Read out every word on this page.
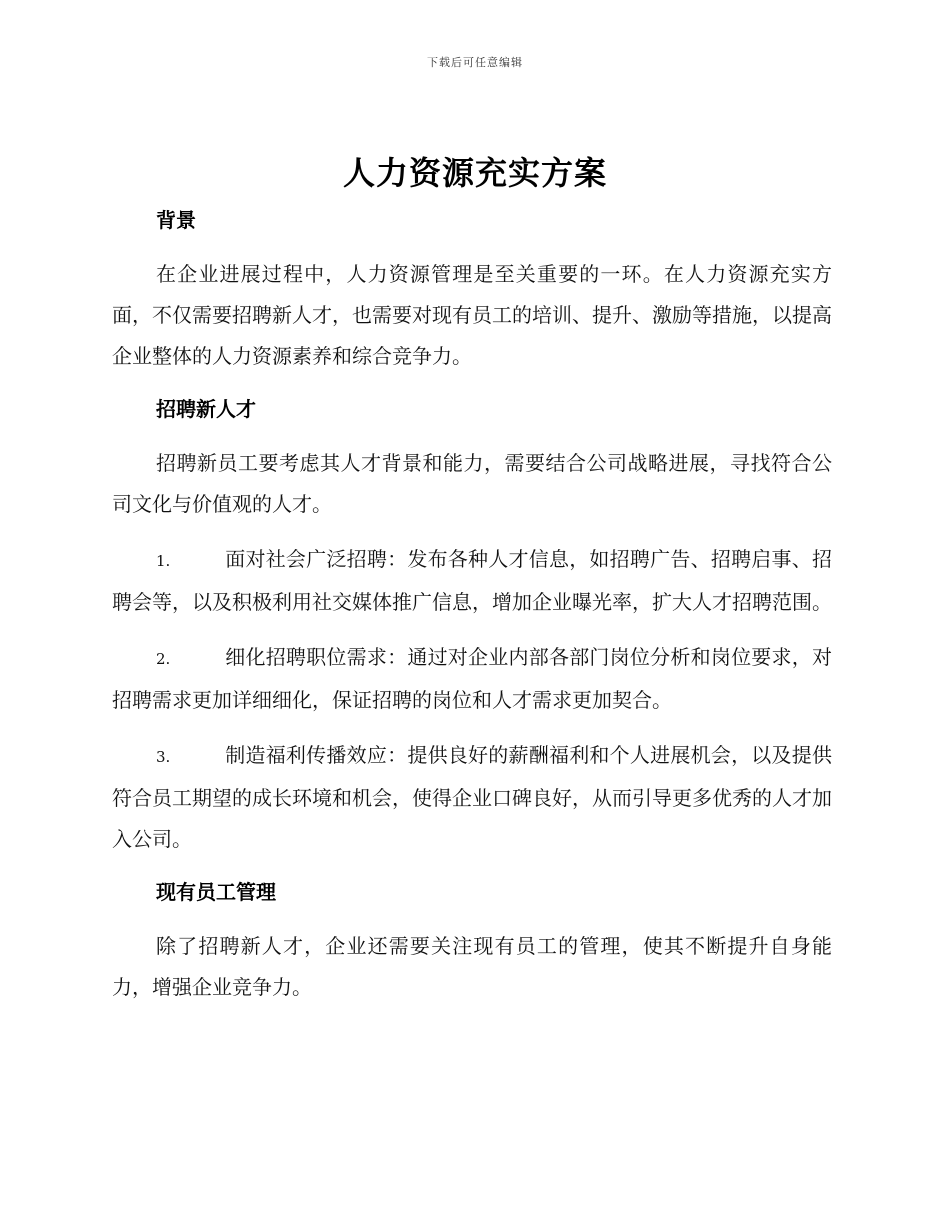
下载后可任意编辑
人力资源充实方案
背景

在企业进展过程中，人力资源管理是至关重要的一环。在人力资源充实方面，不仅需要招聘新人才，也需要对现有员工的培训、提升、激励等措施，以提高企业整体的人力资源素养和综合竞争力。

招聘新人才

招聘新员工要考虑其人才背景和能力，需要结合公司战略进展，寻找符合公司文化与价值观的人才。

1.	面对社会广泛招聘：发布各种人才信息，如招聘广告、招聘启事、招聘会等，以及积极利用社交媒体推广信息，增加企业曝光率，扩大人才招聘范围。
2.	细化招聘职位需求：通过对企业内部各部门岗位分析和岗位要求，对招聘需求更加详细细化，保证招聘的岗位和人才需求更加契合。
3.	制造福利传播效应：提供良好的薪酬福利和个人进展机会，以及提供符合员工期望的成长环境和机会，使得企业口碑良好，从而引导更多优秀的人才加入公司。
现有员工管理

除了招聘新人才，企业还需要关注现有员工的管理，使其不断提升自身能力，增强企业竞争力。
